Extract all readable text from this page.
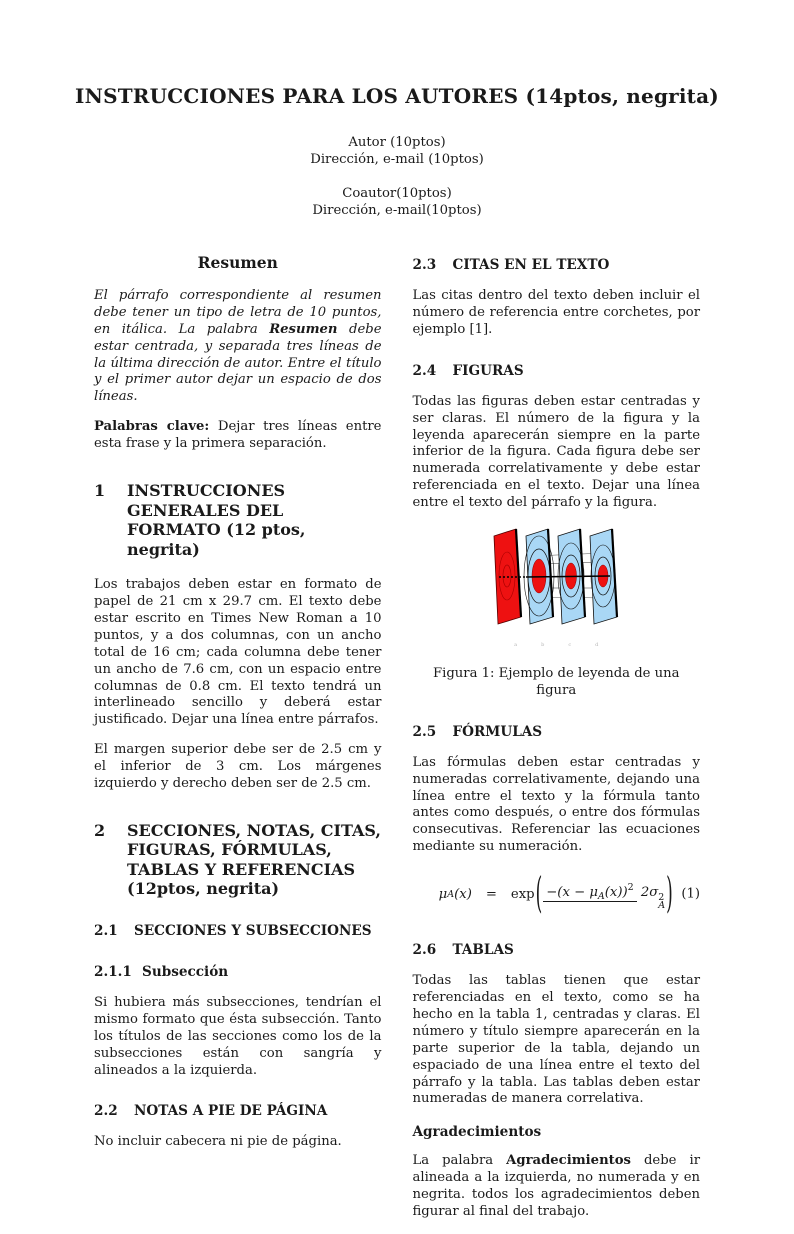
INSTRUCCIONES PARA LOS AUTORES (14ptos, negrita)
Autor (10ptos)
Dirección, e-mail (10ptos)
Coautor(10ptos)
Dirección, e-mail(10ptos)
Resumen

El párrafo correspondiente al resumen debe tener un tipo de letra de 10 puntos, en itálica. La palabra Resumen debe estar centrada, y separada tres líneas de la última dirección de autor. Entre el título y el primer autor dejar un espacio de dos líneas.

Palabras clave: Dejar tres líneas entre esta frase y la primera separación.

1	INSTRUCCIONES GENERALES DEL FORMATO (12 ptos, negrita)

Los trabajos deben estar en formato de papel de 21 cm x 29.7 cm. El texto debe estar escrito en Times New Roman a 10 puntos, y a dos columnas, con un ancho total de 16 cm; cada columna debe tener un ancho de 7.6 cm, con un espacio entre columnas de 0.8 cm. El texto tendrá un interlineado sencillo y deberá estar justificado. Dejar una línea entre párrafos.

El margen superior debe ser de 2.5 cm y el inferior de 3 cm. Los márgenes izquierdo y derecho deben ser de 2.5 cm.

2	SECCIONES, NOTAS, CITAS, FIGURAS, FÓRMULAS, TABLAS Y REFERENCIAS (12ptos, negrita)
2.1	SECCIONES Y SUBSECCIONES
2.1.1 Subsección

Si hubiera más subsecciones, tendrían el mismo formato que ésta subsección. Tanto los títulos de las secciones como los de la subsecciones están con sangría y alineados a la izquierda.

2.2	NOTAS A PIE DE PÁGINA

No incluir cabecera ni pie de página.

2.3	CITAS EN EL TEXTO

Las citas dentro del texto deben incluir el número de referencia entre corchetes, por ejemplo [1].

2.4	FIGURAS

Todas las figuras deben estar centradas y ser claras. El número de la figura y la leyenda aparecerán siempre en la parte inferior de la figura. Cada figura debe ser numerada correlativamente y debe estar referenciada en el texto. Dejar una línea entre el texto del párrafo y la figura.

a	b	c	d
Figura 1: Ejemplo de leyenda de una figura
2.5	FÓRMULAS

Las fórmulas deben estar centradas y numeradas correlativamente, dejando una línea entre el texto y la fórmula tanto antes como después, o entre dos fórmulas consecutivas. Referenciar las ecuaciones mediante su numeración.

μ A (x) = exp ( $-(x - \mu_A(x))^2$ 2σ 2
A ) (1)
2.6	TABLAS

Todas las tablas tienen que estar referenciadas en el texto, como se ha hecho en la tabla 1, centradas y claras. El número y título siempre aparecerán en la parte superior de la tabla, dejando un espaciado de una línea entre el texto del párrafo y la tabla. Las tablas deben estar numeradas de manera correlativa.

Agradecimientos

La palabra Agradecimientos debe ir alineada a la izquierda, no numerada y en negrita. todos los agradecimientos deben figurar al final del trabajo.
